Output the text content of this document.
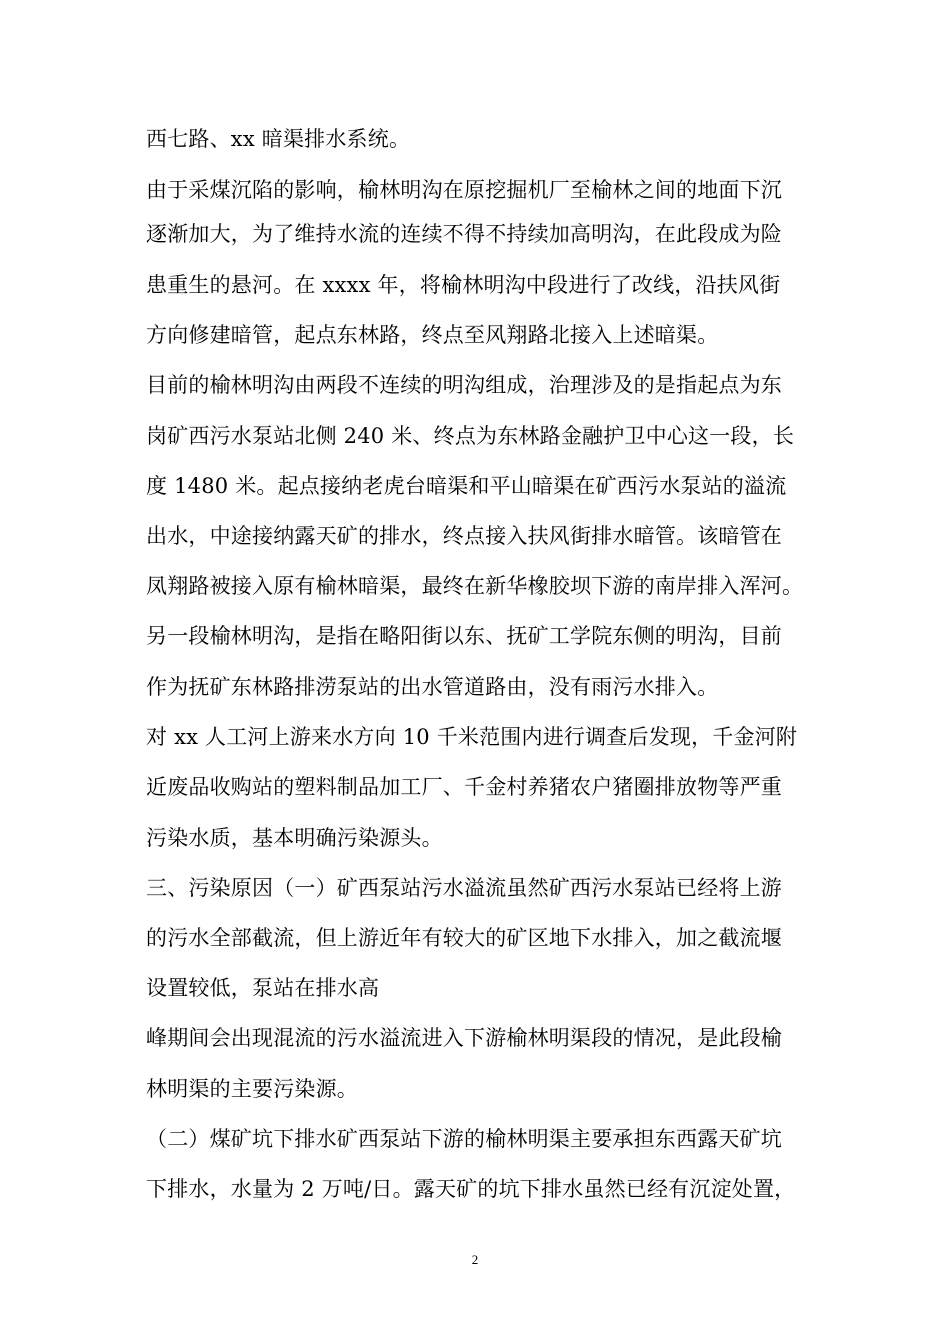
西七路、xx 暗渠排水系统。
由于采煤沉陷的影响，榆林明沟在原挖掘机厂至榆林之间的地面下沉
逐渐加大，为了维持水流的连续不得不持续加高明沟，在此段成为险
患重生的悬河。在 xxxx 年，将榆林明沟中段进行了改线，沿扶风街
方向修建暗管，起点东林路，终点至风翔路北接入上述暗渠。
目前的榆林明沟由两段不连续的明沟组成，治理涉及的是指起点为东
岗矿西污水泵站北侧 240 米、终点为东林路金融护卫中心这一段，长
度 1480 米。起点接纳老虎台暗渠和平山暗渠在矿西污水泵站的溢流
出水，中途接纳露天矿的排水，终点接入扶风街排水暗管。该暗管在
凤翔路被接入原有榆林暗渠，最终在新华橡胶坝下游的南岸排入浑河。
另一段榆林明沟，是指在略阳街以东、抚矿工学院东侧的明沟，目前
作为抚矿东林路排涝泵站的出水管道路由，没有雨污水排入。
对 xx 人工河上游来水方向 10 千米范围内进行调查后发现，千金河附
近废品收购站的塑料制品加工厂、千金村养猪农户猪圈排放物等严重
污染水质，基本明确污染源头。
三、污染原因（一）矿西泵站污水溢流虽然矿西污水泵站已经将上游
的污水全部截流，但上游近年有较大的矿区地下水排入，加之截流堰
设置较低，泵站在排水高
峰期间会出现混流的污水溢流进入下游榆林明渠段的情况，是此段榆
林明渠的主要污染源。
（二）煤矿坑下排水矿西泵站下游的榆林明渠主要承担东西露天矿坑
下排水，水量为 2 万吨/日。露天矿的坑下排水虽然已经有沉淀处置，
2
